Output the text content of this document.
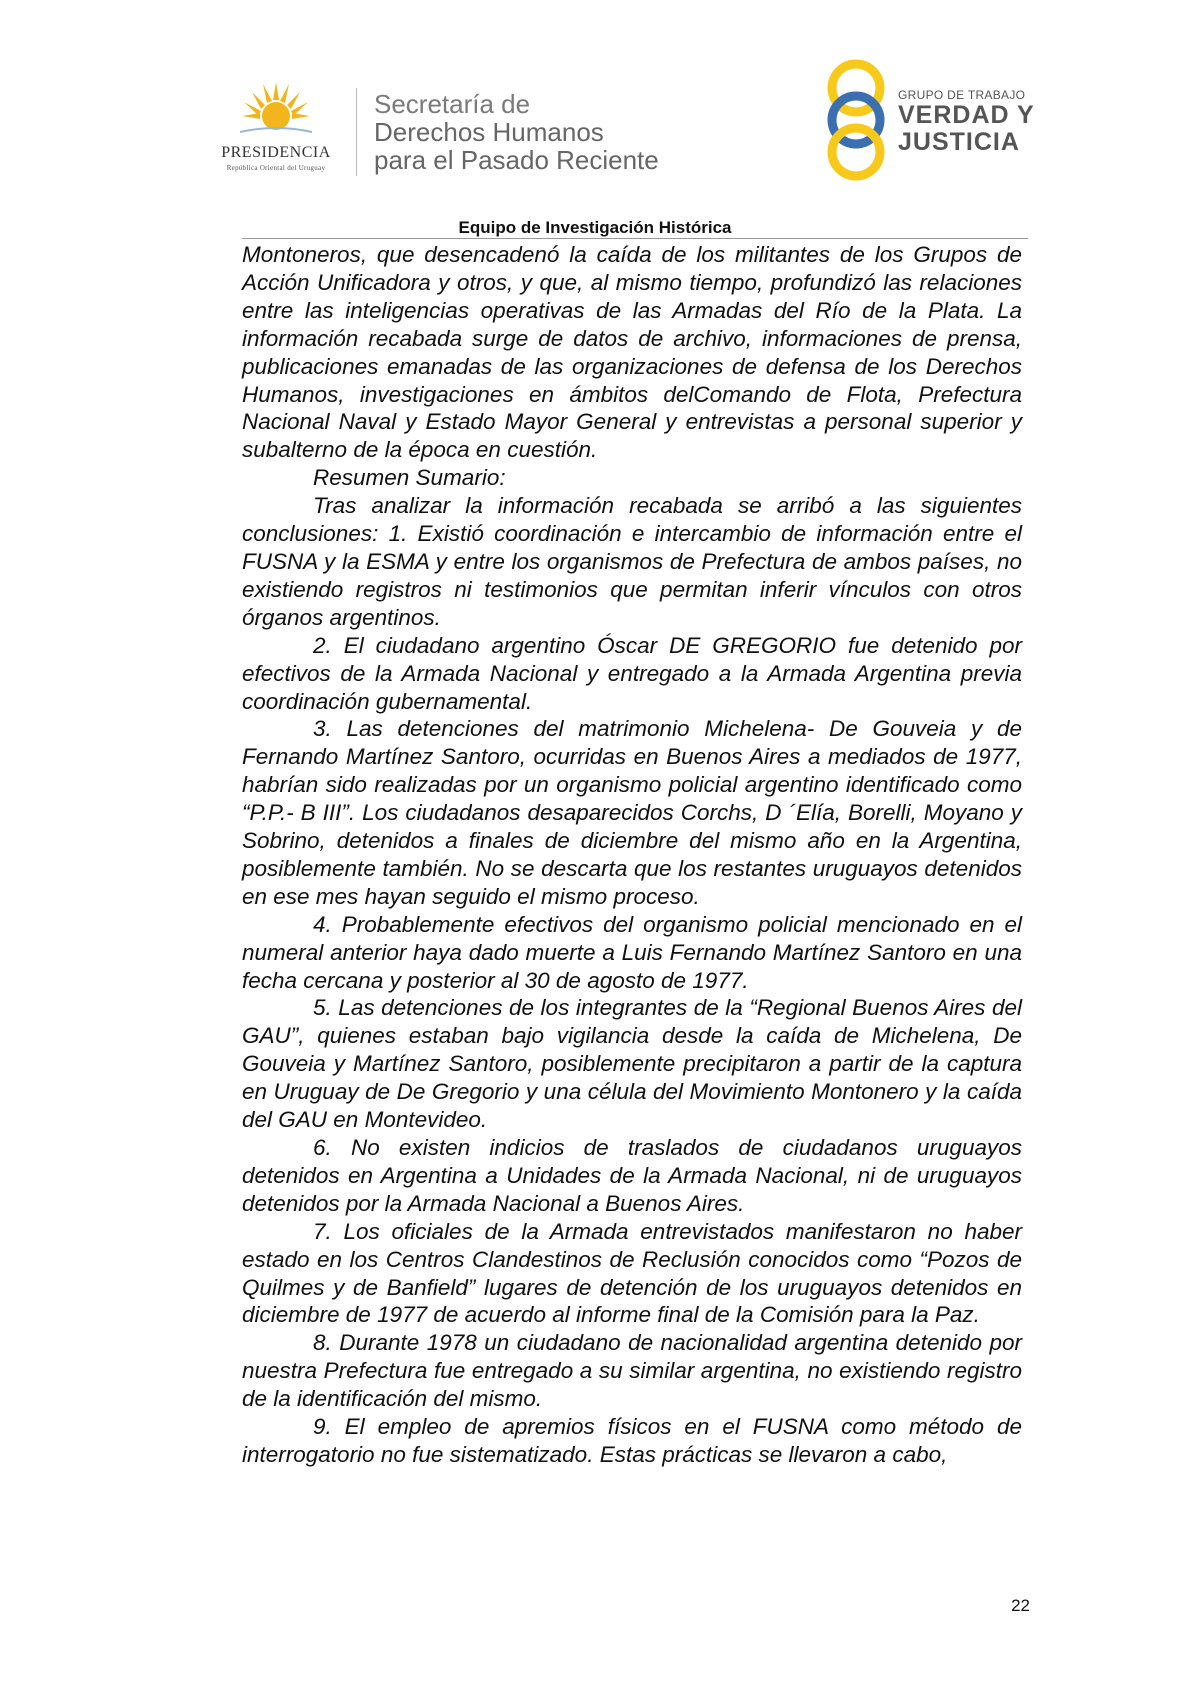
PRESIDENCIA
República Oriental del Uruguay
Secretaría de
Derechos Humanos
para el Pasado Reciente
GRUPO DE TRABAJO
VERDAD Y
JUSTICIA
Equipo de Investigación Histórica

Montoneros, que desencadenó la caída de los militantes de los Grupos de Acción Unificadora y otros, y que, al mismo tiempo, profundizó las relaciones entre las inteligencias operativas de las Armadas del Río de la Plata. La información recabada surge de datos de archivo, informaciones de prensa, publicaciones emanadas de las organizaciones de defensa de los Derechos Humanos, investigaciones en ámbitos delComando de Flota, Prefectura Nacional Naval y Estado Mayor General y entrevistas a personal superior y subalterno de la época en cuestión.

Resumen Sumario:

Tras analizar la información recabada se arribó a las siguientes conclusiones: 1. Existió coordinación e intercambio de información entre el FUSNA y la ESMA y entre los organismos de Prefectura de ambos países, no existiendo registros ni testimonios que permitan inferir vínculos con otros órganos argentinos.

2. El ciudadano argentino Óscar DE GREGORIO fue detenido por efectivos de la Armada Nacional y entregado a la Armada Argentina previa coordinación gubernamental.

3. Las detenciones del matrimonio Michelena- De Gouveia y de Fernando Martínez Santoro, ocurridas en Buenos Aires a mediados de 1977, habrían sido realizadas por un organismo policial argentino identificado como “P.P.- B III”. Los ciudadanos desaparecidos Corchs, D ´Elía, Borelli, Moyano y Sobrino, detenidos a finales de diciembre del mismo año en la Argentina, posiblemente también. No se descarta que los restantes uruguayos detenidos en ese mes hayan seguido el mismo proceso.

4. Probablemente efectivos del organismo policial mencionado en el numeral anterior haya dado muerte a Luis Fernando Martínez Santoro en una fecha cercana y posterior al 30 de agosto de 1977.

5. Las detenciones de los integrantes de la “Regional Buenos Aires del GAU”, quienes estaban bajo vigilancia desde la caída de Michelena, De Gouveia y Martínez Santoro, posiblemente precipitaron a partir de la captura en Uruguay de De Gregorio y una célula del Movimiento Montonero y la caída del GAU en Montevideo.

6. No existen indicios de traslados de ciudadanos uruguayos detenidos en Argentina a Unidades de la Armada Nacional, ni de uruguayos detenidos por la Armada Nacional a Buenos Aires.

7. Los oficiales de la Armada entrevistados manifestaron no haber estado en los Centros Clandestinos de Reclusión conocidos como “Pozos de Quilmes y de Banfield” lugares de detención de los uruguayos detenidos en diciembre de 1977 de acuerdo al informe final de la Comisión para la Paz.

8. Durante 1978 un ciudadano de nacionalidad argentina detenido por nuestra Prefectura fue entregado a su similar argentina, no existiendo registro de la identificación del mismo.

9. El empleo de apremios físicos en el FUSNA como método de interrogatorio no fue sistematizado. Estas prácticas se llevaron a cabo,

22
